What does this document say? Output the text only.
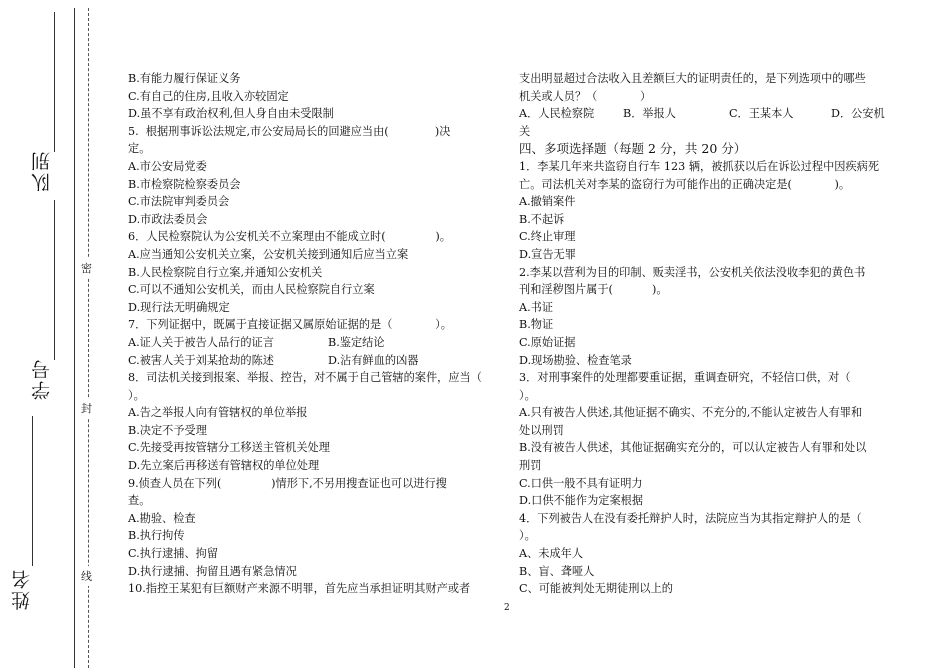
队别
学号
姓名
密
封
线
B.有能力履行保证义务
C.有自己的住房,且收入亦较固定
D.虽不享有政治权利,但人身自由未受限制
5.  根据刑事诉讼法规定,市公安局局长的回避应当由(             )决
定。
A.市公安局党委
B.市检察院检察委员会
C.市法院审判委员会
D.市政法委员会
6．人民检察院认为公安机关不立案理由不能成立时(              )。
A.应当通知公安机关立案，公安机关接到通知后应当立案
B.人民检察院自行立案,并通知公安机关
C.可以不通知公安机关，而由人民检察院自行立案
D.现行法无明确规定
7．下列证据中，既属于直接证据又属原始证据的是（            ）。
A.证人关于被告人品行的证言	B.鉴定结论
C.被害人关于刘某抢劫的陈述	D.沾有鲜血的凶器
8．司法机关接到报案、举报、控告，对不属于自己管辖的案件，应当（
）。
A.告之举报人向有管辖权的单位举报
B.决定不予受理
C.先接受再按管辖分工移送主管机关处理
D.先立案后再移送有管辖权的单位处理
9.侦查人员在下列(              )情形下,不另用搜查证也可以进行搜
查。
A.勘验、检查
B.执行拘传
C.执行逮捕、拘留
D.执行逮捕、拘留且遇有紧急情况
10.指控王某犯有巨额财产来源不明罪，首先应当承担证明其财产或者
支出明显超过合法收入且差额巨大的证明责任的，是下列选项中的哪些
机关或人员？（            ）
A．人民检察院	B．举报人	C．王某本人	D．公安机
关
四、多项选择题（每题 2 分，共 20 分）
1．李某几年来共盗窃自行车 123 辆，被抓获以后在诉讼过程中因疾病死
亡。司法机关对李某的盗窃行为可能作出的正确决定是(            )。
A.撤销案件
B.不起诉
C.终止审理
D.宣告无罪
2.李某以营利为目的印制、贩卖淫书，公安机关依法没收李犯的黄色书
刊和淫秽图片属于(           )。
A.书证
B.物证
C.原始证据
D.现场勘验、检查笔录
3．对刑事案件的处理都要重证据，重调查研究，不轻信口供，对（
）。
A.只有被告人供述,其他证据不确实、不充分的,不能认定被告人有罪和
处以刑罚
B.没有被告人供述，其他证据确实充分的，可以认定被告人有罪和处以
刑罚
C.口供一般不具有证明力
D.口供不能作为定案根据
4．下列被告人在没有委托辩护人时，法院应当为其指定辩护人的是（
）。
A、未成年人
B、盲、聋哑人
C、可能被判处无期徒刑以上的
2
